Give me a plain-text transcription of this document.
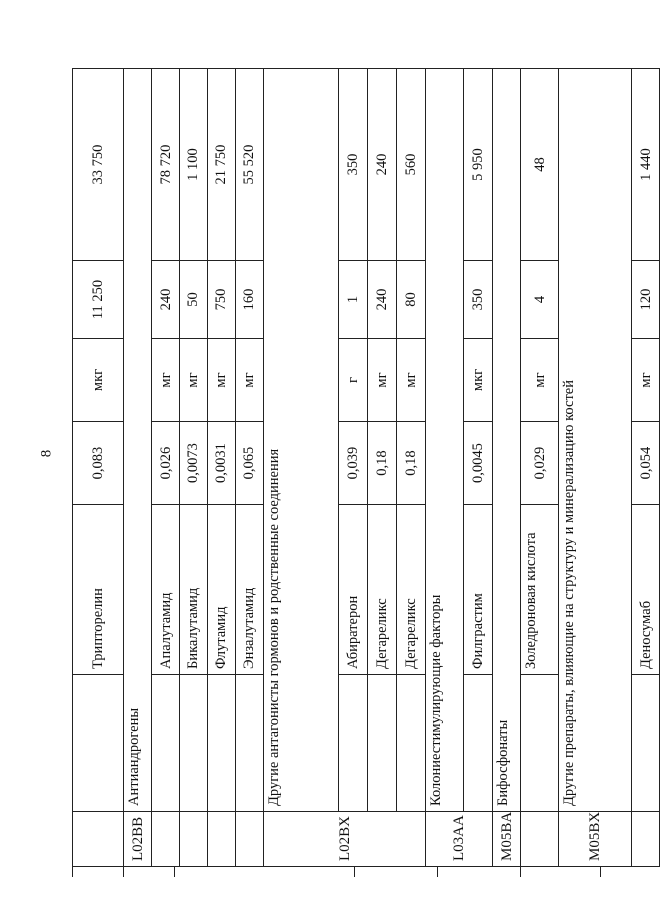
8
		Трипторелин	0,083	мкг	11 250	33 750
L02BB	Антиандрогены					
		Апалутамид	0,026	мг	240	78 720
		Бикалутамид	0,0073	мг	50	1 100
		Флутамид	0,0031	мг	750	21 750
		Энзалутамид	0,065	мг	160	55 520
L02BX	Другие антагонисты гормонов и родственные соединения					
		Абиратерон	0,039	г	1	350
		Дегареликс	0,18	мг	240	240
		Дегареликс	0,18	мг	80	560
L03AA	Колониестимулирующие факторы					
		Филграстим	0,0045	мкг	350	5 950
M05BA	Бифосфонаты					
		Золедроновая кислота	0,029	мг	4	48
M05BX	Другие препараты, влияющие на структуру и минерализацию костей					
		Деносумаб	0,054	мг	120	1 440
